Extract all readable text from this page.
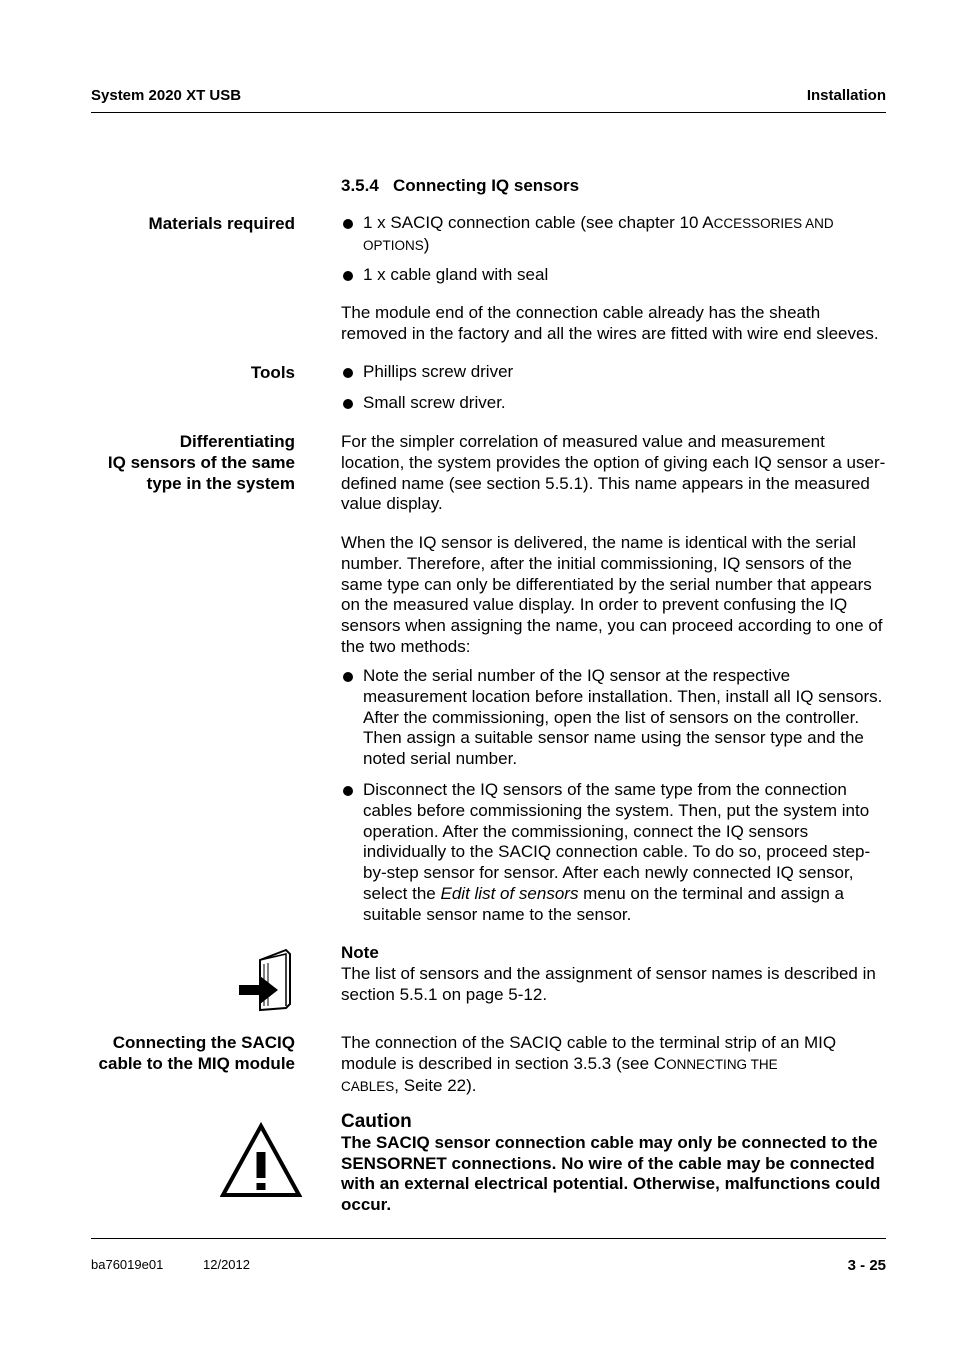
System 2020 XT USB	Installation
3.5.4 Connecting IQ sensors
Materials required	1 x SACIQ connection cable (see chapter 10 ACCESSORIES AND
OPTIONS)
1 x cable gland with seal
The module end of the connection cable already has the sheath removed in the factory and all the wires are fitted with wire end sleeves.
Tools	Phillips screw driver
Small screw driver.
Differentiating
IQ sensors of the same
type in the system
For the simpler correlation of measured value and measurement location, the system provides the option of giving each IQ sensor a user-defined name (see section 5.5.1). This name appears in the measured value display.
When the IQ sensor is delivered, the name is identical with the serial number. Therefore, after the initial commissioning, IQ sensors of the same type can only be differentiated by the serial number that appears on the measured value display. In order to prevent confusing the IQ sensors when assigning the name, you can proceed according to one of the two methods:
Note the serial number of the IQ sensor at the respective measurement location before installation. Then, install all IQ sensors. After the commissioning, open the list of sensors on the controller. Then assign a suitable sensor name using the sensor type and the noted serial number.
Disconnect the IQ sensors of the same type from the connection cables before commissioning the system. Then, put the system into operation. After the commissioning, connect the IQ sensors individually to the SACIQ connection cable. To do so, proceed step-by-step sensor for sensor. After each newly connected IQ sensor, select the Edit list of sensors menu on the terminal and assign a suitable sensor name to the sensor.
Note
The list of sensors and the assignment of sensor names is described in section 5.5.1 on page 5-12.
Connecting the SACIQ
cable to the MIQ module
The connection of the SACIQ cable to the terminal strip of an MIQ module is described in section 3.5.3 (see CONNECTING THE
CABLES, Seite 22).
Caution
The SACIQ sensor connection cable may only be connected to the SENSORNET connections. No wire of the cable may be connected with an external electrical potential. Otherwise, malfunctions could occur.
ba76019e01	12/2012	3 - 25
